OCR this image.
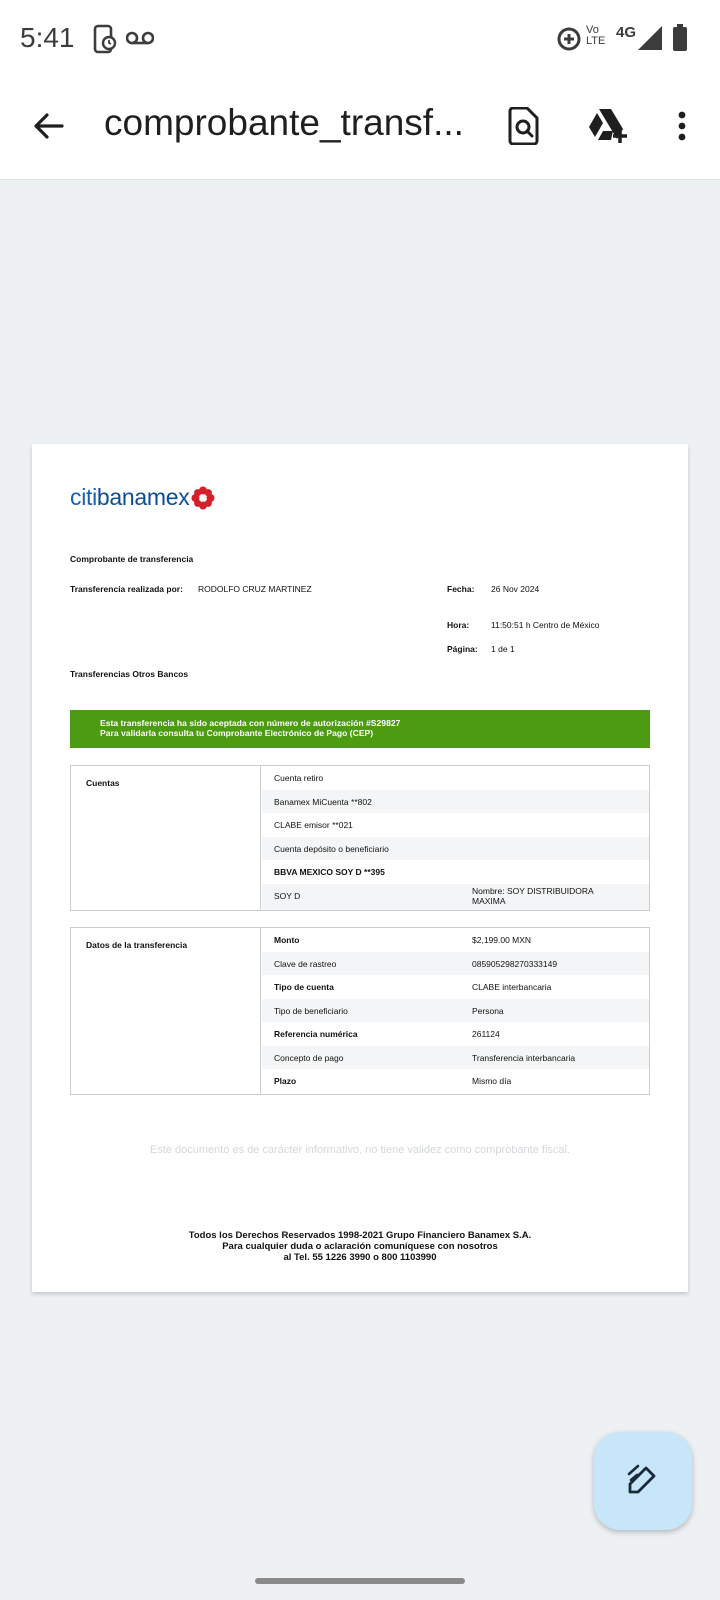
5:41	Vo LTE 4G
comprobante_transf...
citi banamex
Comprobante de transferencia
Transferencia realizada por: RODOLFO CRUZ MARTINEZ	Fecha: 26 Nov 2024
Hora:	11:50:51 h Centro de México
Página: 1 de 1
Transferencias Otros Bancos
Esta transferencia ha sido aceptada con número de autorización #S29827
Para validarla consulta tu Comprobante Electrónico de Pago (CEP)
Cuentas	Cuenta retiro
Banamex MiCuenta **802
CLABE emisor **021
Cuenta depósito o beneficiario
BBVA MEXICO SOY D **395
SOY D	Nombre: SOY DISTRIBUIDORA
MAXIMA
Datos de la transferencia	Monto	$2,199.00 MXN
Clave de rastreo	085905298270333149
Tipo de cuenta	CLABE interbancaria
Tipo de beneficiario	Persona
Referencia numérica	261124
Concepto de pago	Transferencia interbancaria
Plazo	Mismo día
Este documento es de carácter informativo, no tiene validez como comprobante fiscal.
Todos los Derechos Reservados 1998-2021 Grupo Financiero Banamex S.A.
Para cualquier duda o aclaración comuníquese con nosotros
al Tel. 55 1226 3990 o 800 1103990
